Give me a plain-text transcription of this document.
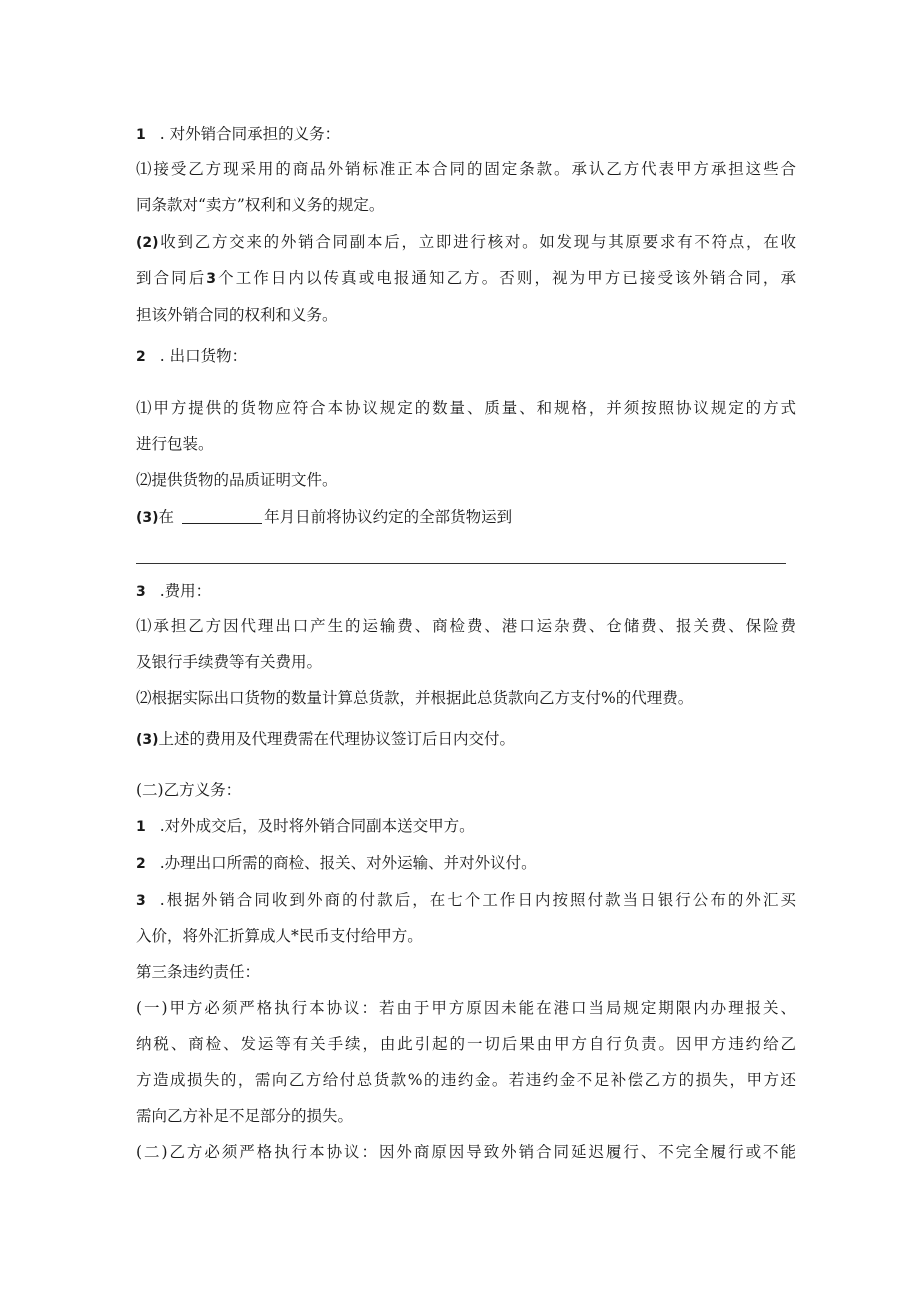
1 . 对外销合同承担的义务：
⑴接受乙方现采用的商品外销标准正本合同的固定条款。承认乙方代表甲方承担这些合
同条款对“卖方”权利和义务的规定。
(2)收到乙方交来的外销合同副本后，立即进行核对。如发现与其原要求有不符点，在收
到合同后3个工作日内以传真或电报通知乙方。否则，视为甲方已接受该外销合同，承
担该外销合同的权利和义务。
2 . 出口货物：
⑴甲方提供的货物应符合本协议规定的数量、质量、和规格，并须按照协议规定的方式
进行包装。
⑵提供货物的品质证明文件。
(3)在	年月日前将协议约定的全部货物运到
3 .费用：
⑴承担乙方因代理出口产生的运输费、商检费、港口运杂费、仓储费、报关费、保险费
及银行手续费等有关费用。
⑵根据实际出口货物的数量计算总货款，并根据此总货款向乙方支付%的代理费。
(3)上述的费用及代理费需在代理协议签订后日内交付。
(二)乙方义务：
1 .对外成交后，及时将外销合同副本送交甲方。
2 .办理出口所需的商检、报关、对外运输、并对外议付。
3 .根据外销合同收到外商的付款后，在七个工作日内按照付款当日银行公布的外汇买
入价，将外汇折算成人*民币支付给甲方。
第三条违约责任：
(一)甲方必须严格执行本协议：若由于甲方原因未能在港口当局规定期限内办理报关、
纳税、商检、发运等有关手续，由此引起的一切后果由甲方自行负责。因甲方违约给乙
方造成损失的，需向乙方给付总货款%的违约金。若违约金不足补偿乙方的损失，甲方还
需向乙方补足不足部分的损失。
(二)乙方必须严格执行本协议：因外商原因导致外销合同延迟履行、不完全履行或不能
